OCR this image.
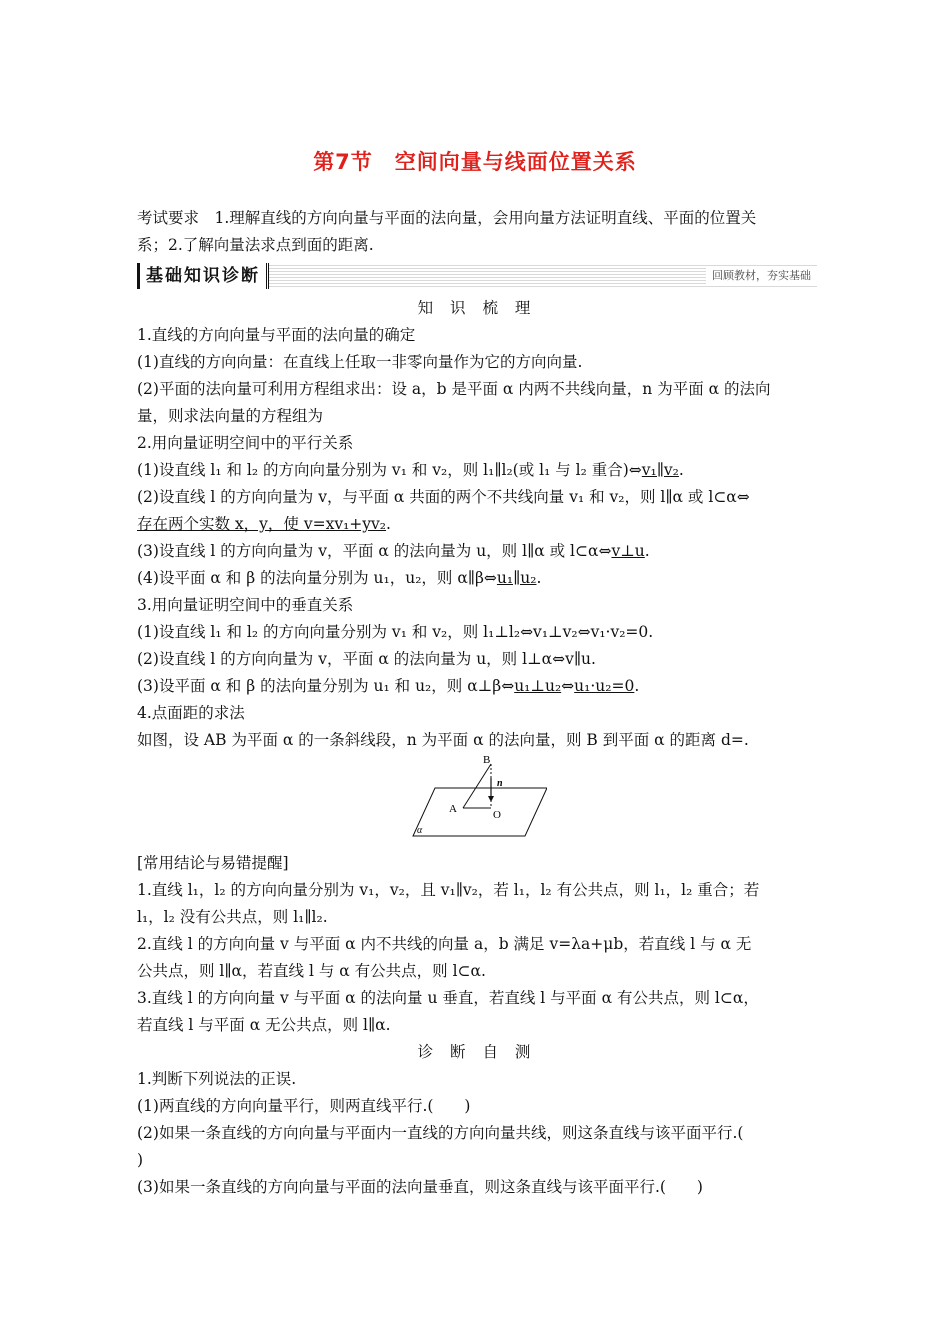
第7节　空间向量与线面位置关系
考试要求　1.理解直线的方向向量与平面的法向量，会用向量方法证明直线、平面的位置关
系；2.了解向量法求点到面的距离.
基础知识诊断	回顾教材，夯实基础
知 识 梳 理
1.直线的方向向量与平面的法向量的确定
(1)直线的方向向量：在直线上任取一非零向量作为它的方向向量.
(2)平面的法向量可利用方程组求出：设 a，b 是平面 α 内两不共线向量，n 为平面 α 的法向
量，则求法向量的方程组为
2.用向量证明空间中的平行关系
(1)设直线 l₁ 和 l₂ 的方向向量分别为 v₁ 和 v₂，则 l₁∥l₂(或 l₁ 与 l₂ 重合)⇔v₁∥v₂.
(2)设直线 l 的方向向量为 v，与平面 α 共面的两个不共线向量 v₁ 和 v₂，则 l∥α 或 l⊂α⇔
存在两个实数 x，y，使 v=xv₁+yv₂.
(3)设直线 l 的方向向量为 v，平面 α 的法向量为 u，则 l∥α 或 l⊂α⇔v⊥u.
(4)设平面 α 和 β 的法向量分别为 u₁，u₂，则 α∥β⇔u₁∥u₂.
3.用向量证明空间中的垂直关系
(1)设直线 l₁ 和 l₂ 的方向向量分别为 v₁ 和 v₂，则 l₁⊥l₂⇔v₁⊥v₂⇔v₁·v₂=0.
(2)设直线 l 的方向向量为 v，平面 α 的法向量为 u，则 l⊥α⇔v∥u.
(3)设平面 α 和 β 的法向量分别为 u₁ 和 u₂，则 α⊥β⇔u₁⊥u₂⇔u₁·u₂=0.
4.点面距的求法
如图，设 AB 为平面 α 的一条斜线段，n 为平面 α 的法向量，则 B 到平面 α 的距离 d=.
B
n
A	O
α
[常用结论与易错提醒]
1.直线 l₁，l₂ 的方向向量分别为 v₁，v₂，且 v₁∥v₂，若 l₁，l₂ 有公共点，则 l₁，l₂ 重合；若
l₁，l₂ 没有公共点，则 l₁∥l₂.
2.直线 l 的方向向量 v 与平面 α 内不共线的向量 a，b 满足 v=λa+μb，若直线 l 与 α 无
公共点，则 l∥α，若直线 l 与 α 有公共点，则 l⊂α.
3.直线 l 的方向向量 v 与平面 α 的法向量 u 垂直，若直线 l 与平面 α 有公共点，则 l⊂α，
若直线 l 与平面 α 无公共点，则 l∥α.
诊 断 自 测
1.判断下列说法的正误.
(1)两直线的方向向量平行，则两直线平行.(　　)
(2)如果一条直线的方向向量与平面内一直线的方向向量共线，则这条直线与该平面平行.(
)
(3)如果一条直线的方向向量与平面的法向量垂直，则这条直线与该平面平行.(　　)
